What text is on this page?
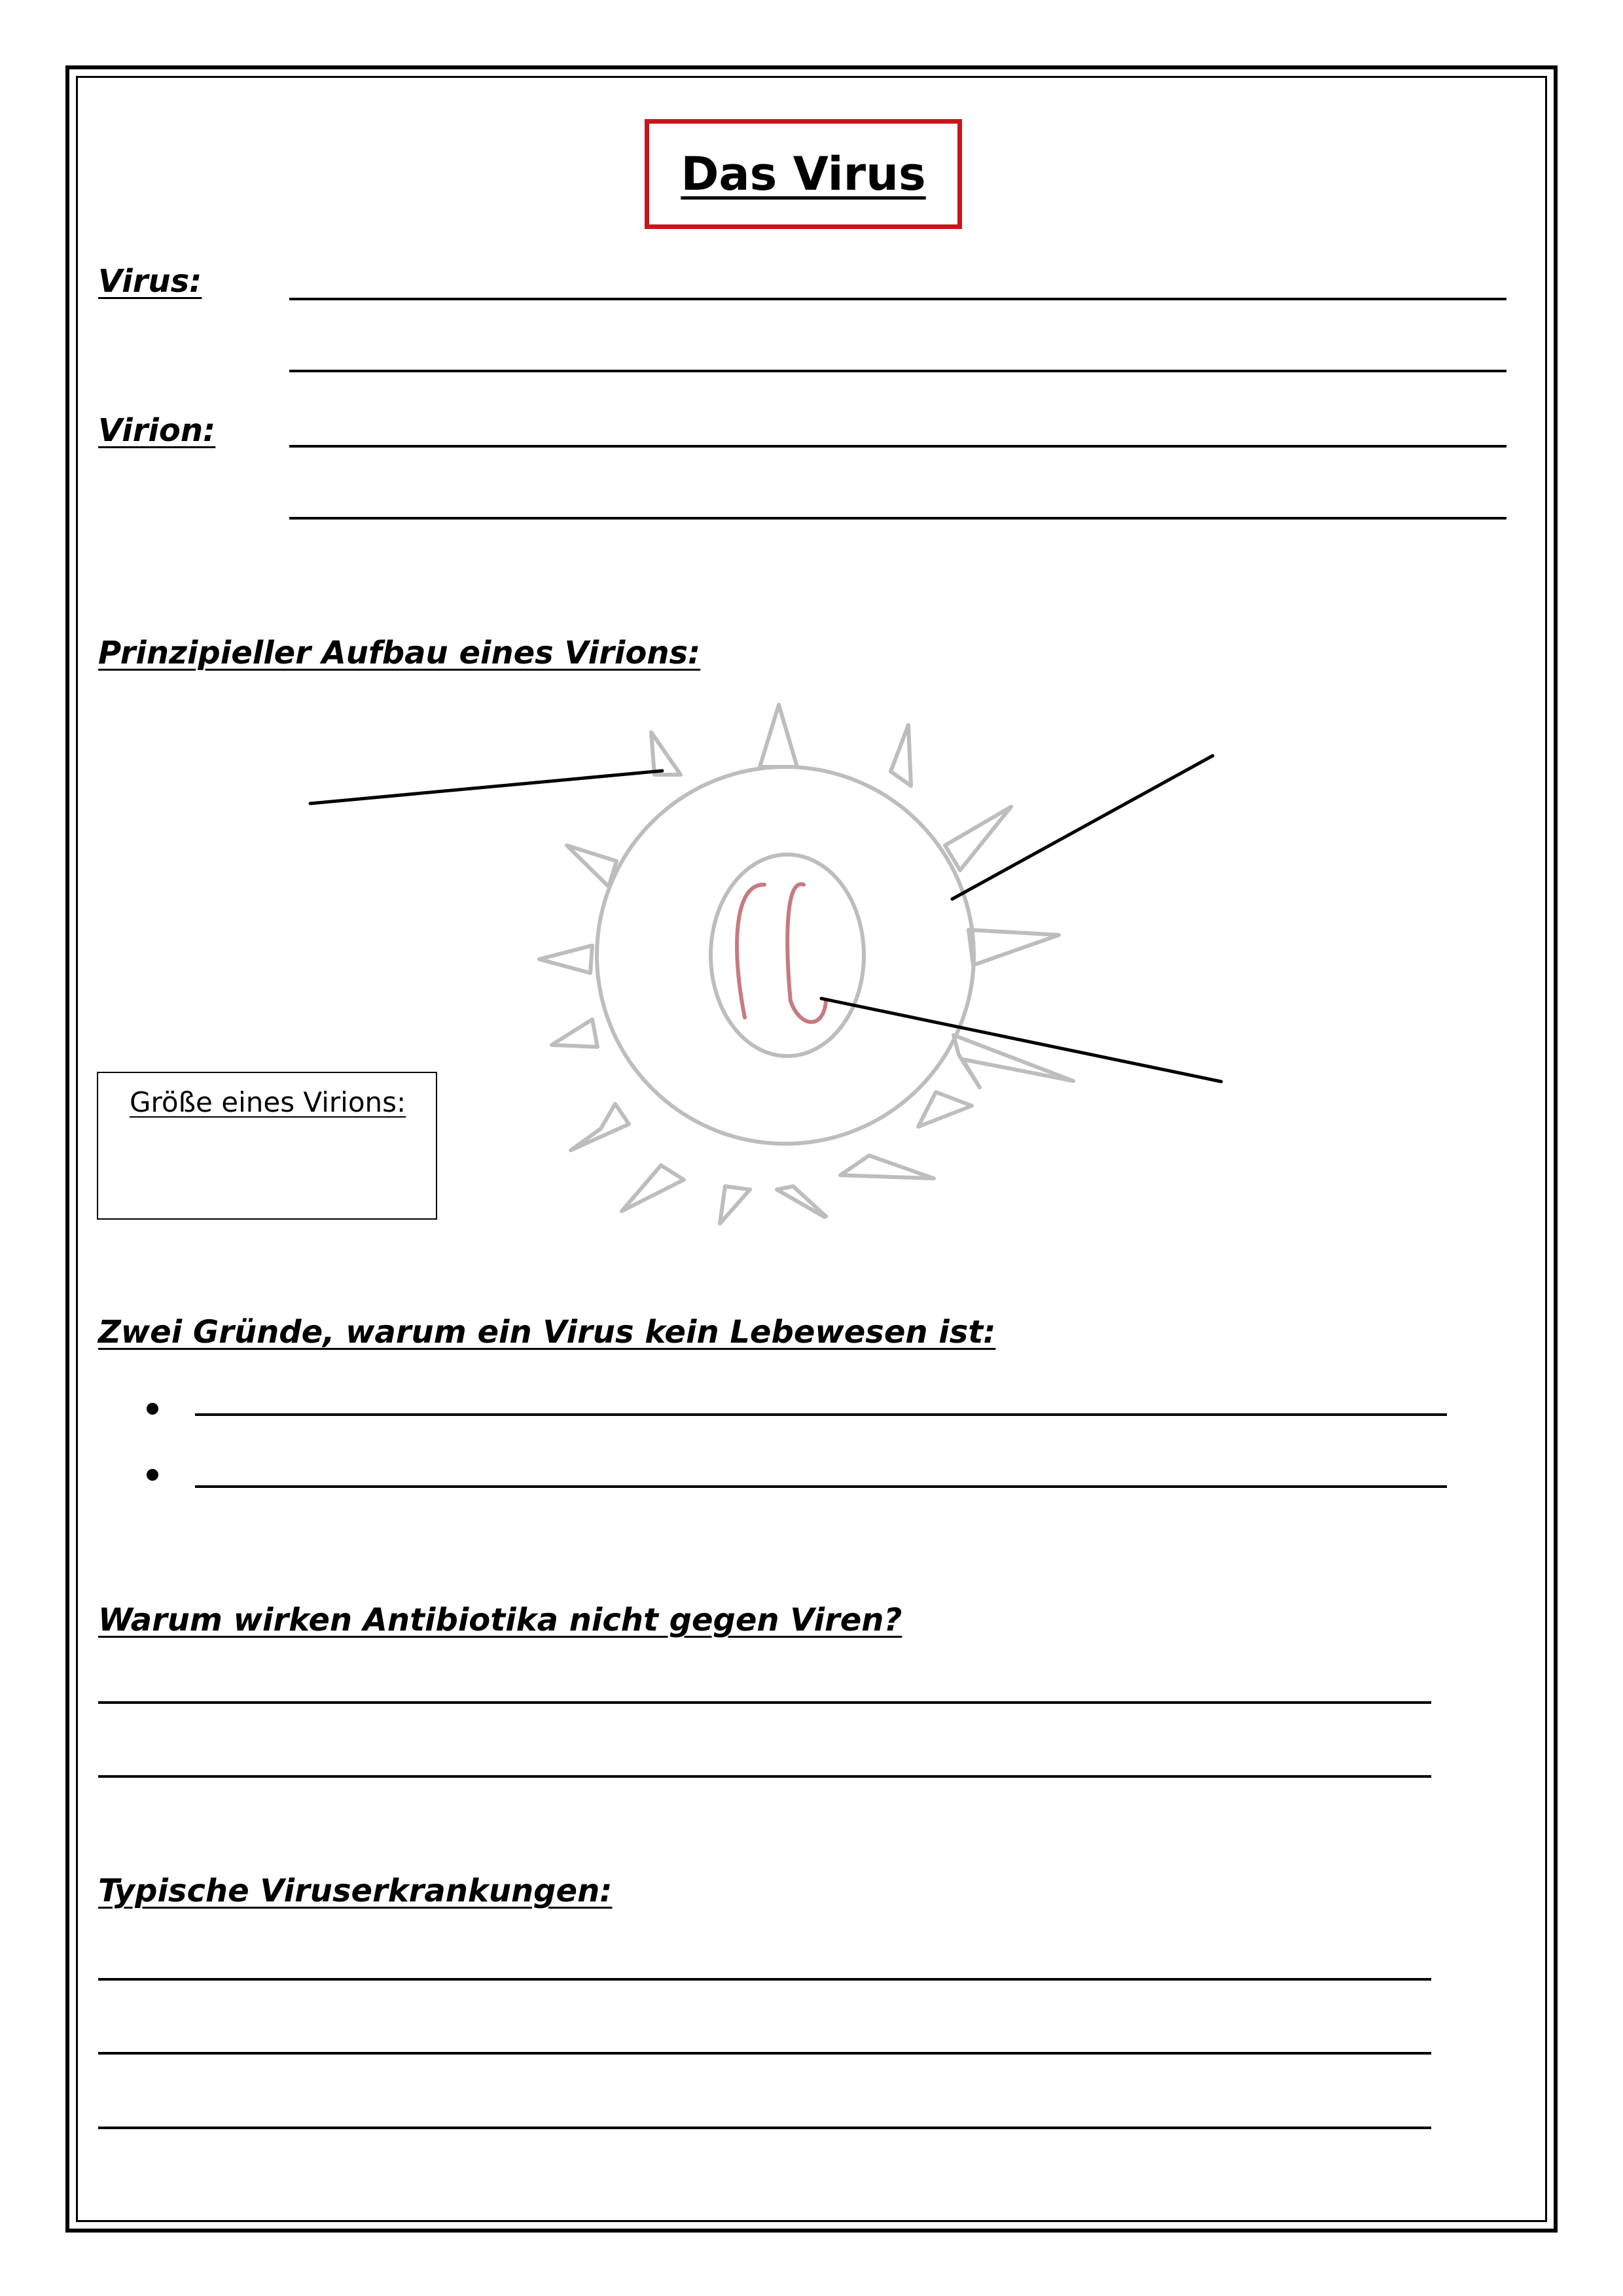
Das Virus
Virus:
Virion:
Prinzipieller Aufbau eines Virions:
Größe eines Virions:
Zwei Gründe, warum ein Virus kein Lebewesen ist:
Warum wirken Antibiotika nicht gegen Viren?
Typische Viruserkrankungen:
